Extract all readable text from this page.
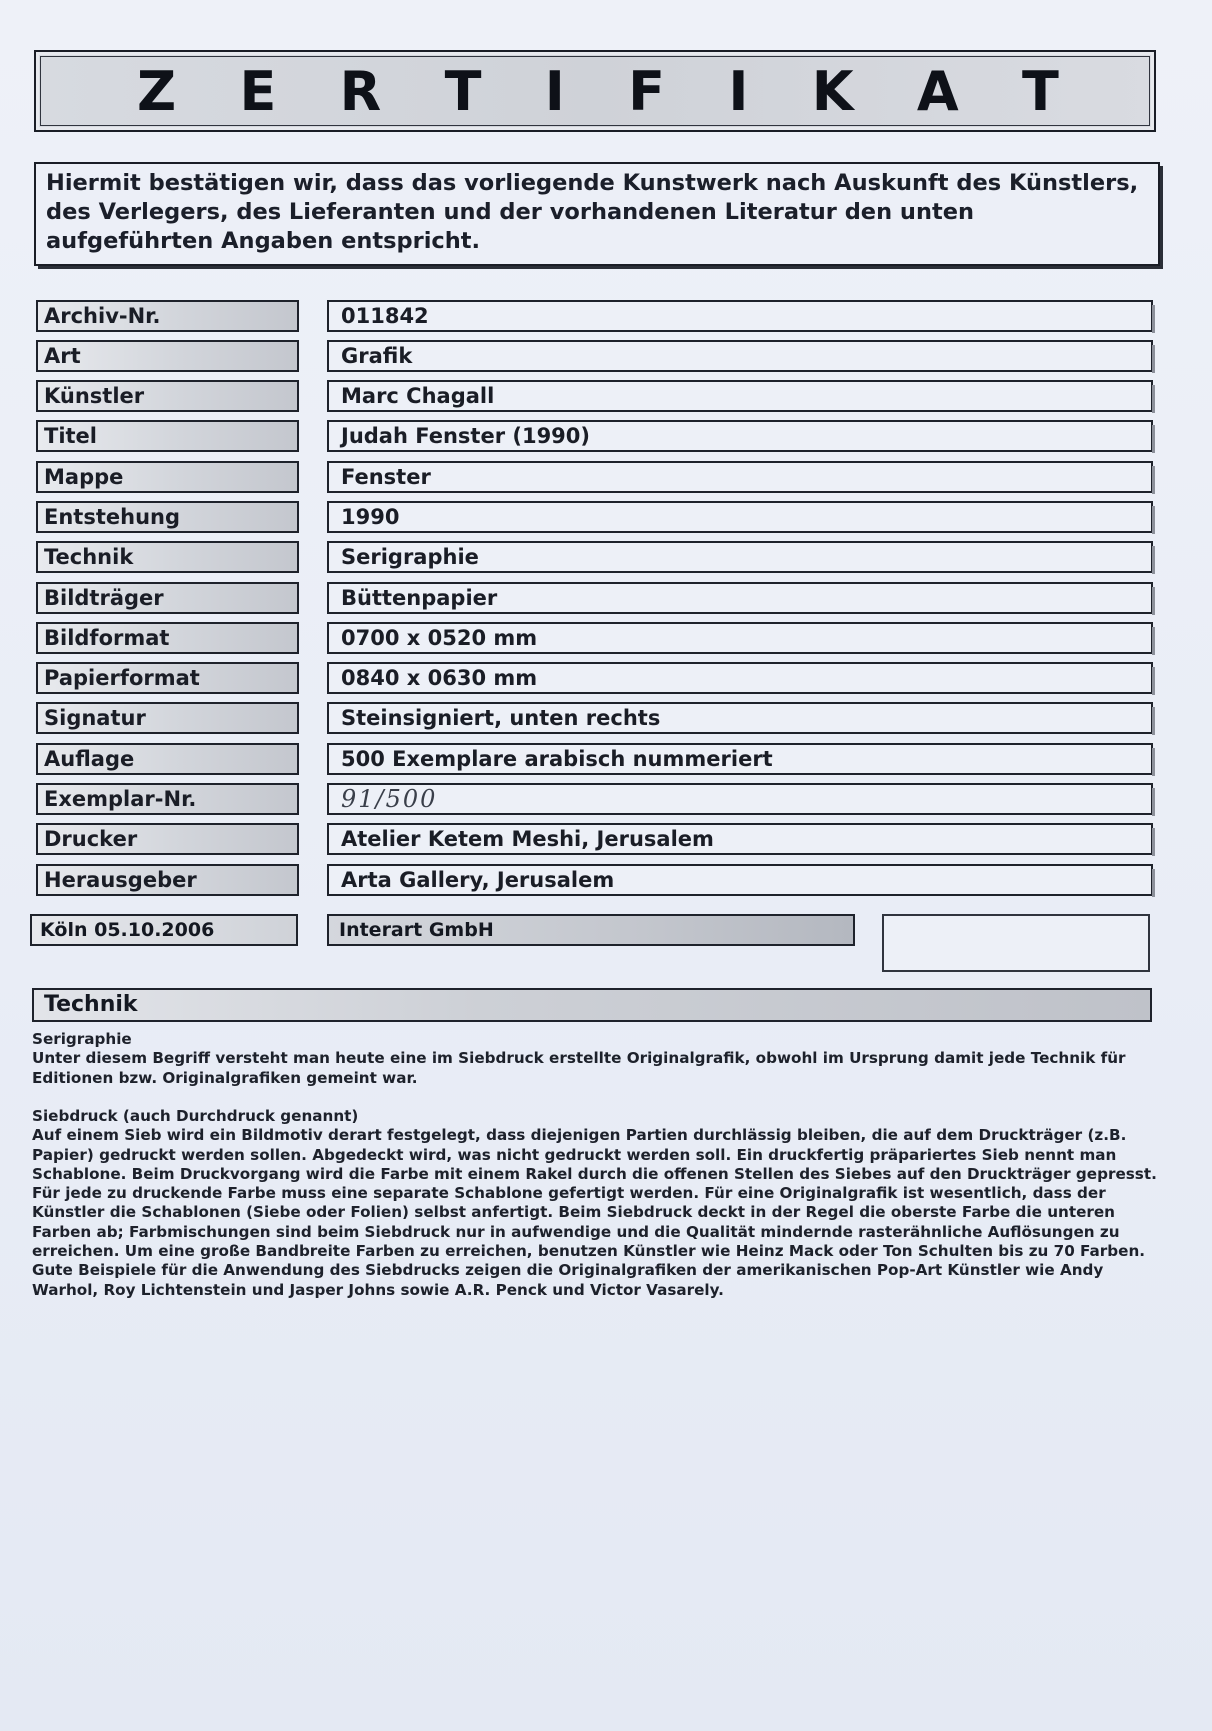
Z E R T I F I K A T
Hiermit bestätigen wir, dass das vorliegende Kunstwerk nach Auskunft des Künstlers, des Verlegers, des Lieferanten und der vorhandenen Literatur den unten aufgeführten Angaben entspricht.
Archiv-Nr.	011842
Art	Grafik
Künstler	Marc Chagall
Titel	Judah Fenster (1990)
Mappe	Fenster
Entstehung	1990
Technik	Serigraphie
Bildträger	Büttenpapier
Bildformat	0700 x 0520 mm
Papierformat	0840 x 0630 mm
Signatur	Steinsigniert, unten rechts
Auflage	500 Exemplare arabisch nummeriert
Exemplar-Nr.	91/500
Drucker	Atelier Ketem Meshi, Jerusalem
Herausgeber	Arta Gallery, Jerusalem
Köln 05.10.2006	Interart GmbH
Technik
Serigraphie
Unter diesem Begriff versteht man heute eine im Siebdruck erstellte Originalgrafik, obwohl im Ursprung damit jede Technik für Editionen bzw. Originalgrafiken gemeint war.
Siebdruck (auch Durchdruck genannt)
Auf einem Sieb wird ein Bildmotiv derart festgelegt, dass diejenigen Partien durchlässig bleiben, die auf dem Druckträger (z.B. Papier) gedruckt werden sollen. Abgedeckt wird, was nicht gedruckt werden soll. Ein druckfertig präpariertes Sieb nennt man Schablone. Beim Druckvorgang wird die Farbe mit einem Rakel durch die offenen Stellen des Siebes auf den Druckträger gepresst. Für jede zu druckende Farbe muss eine separate Schablone gefertigt werden. Für eine Originalgrafik ist wesentlich, dass der Künstler die Schablonen (Siebe oder Folien) selbst anfertigt. Beim Siebdruck deckt in der Regel die oberste Farbe die unteren Farben ab; Farbmischungen sind beim Siebdruck nur in aufwendige und die Qualität mindernde rasterähnliche Auflösungen zu erreichen. Um eine große Bandbreite Farben zu erreichen, benutzen Künstler wie Heinz Mack oder Ton Schulten bis zu 70 Farben. Gute Beispiele für die Anwendung des Siebdrucks zeigen die Originalgrafiken der amerikanischen Pop-Art Künstler wie Andy Warhol, Roy Lichtenstein und Jasper Johns sowie A.R. Penck und Victor Vasarely.
